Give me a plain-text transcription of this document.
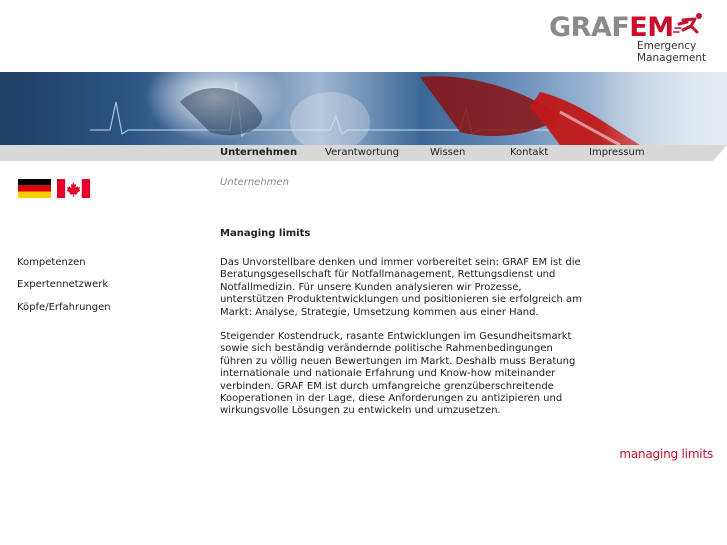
GRAFEM
Emergency
Management
Unternehmen	Verantwortung	Wissen	Kontakt	Impressum
Unternehmen
Managing limits
Kompetenzen
Expertennetzwerk
Köpfe/Erfahrungen

Das Unvorstellbare denken und immer vorbereitet sein: GRAF EM ist die Beratungsgesellschaft für Notfallmanagement, Rettungsdienst und Notfallmedizin. Für unsere Kunden analysieren wir Prozesse, unterstützen Produktentwicklungen und positionieren sie erfolgreich am Markt: Analyse, Strategie, Umsetzung kommen aus einer Hand.

Steigender Kostendruck, rasante Entwicklungen im Gesundheitsmarkt sowie sich beständig verändernde politische Rahmenbedingungen führen zu völlig neuen Bewertungen im Markt. Deshalb muss Beratung internationale und nationale Erfahrung und Know-how miteinander verbinden. GRAF EM ist durch umfangreiche grenzüberschreitende Kooperationen in der Lage, diese Anforderungen zu antizipieren und wirkungsvolle Lösungen zu entwickeln und umzusetzen.

managing limits
